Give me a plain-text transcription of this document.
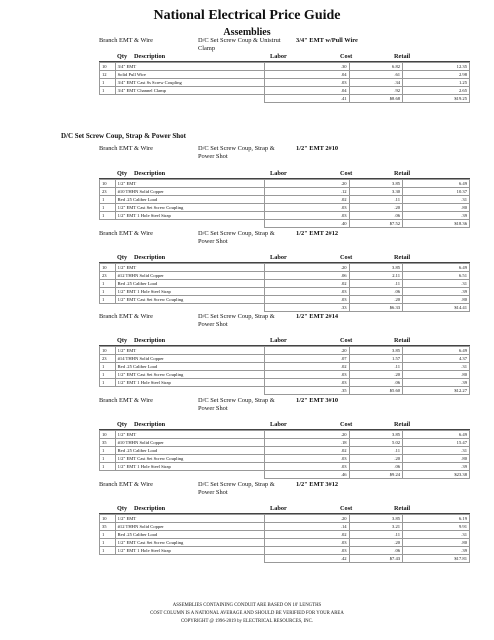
National Electrical Price Guide
Assemblies
D/C Set Screw Coup, Strap & Power Shot
Branch EMT & Wire	D/C Set Screw Coup & Unistrut Clamp
3/4" EMT w/Pull Wire
Qty Description	Labor	Cost	Retail
10	3/4" EMT	.30	6.82	12.35
12	Solid Pull Wire	.04	.61	2.98
1	3/4" EMT Cast Ss Screw Coupling	.03	.34	1.25
1	3/4" EMT Channel Clamp	.04	.92	2.65
		.41	$8.68	$19.25
Branch EMT & Wire	D/C Set Screw Coup, Strap & Power Shot
1/2" EMT 2#10
Qty Description	Labor	Cost	Retail
10	1/2" EMT	.20	3.85	6.49
23	#10 THHN Solid Copper	.12	3.30	10.37
1	Red .25 Caliber Load	.02	.11	.31
1	1/2" EMT Cast Set Screw Coupling	.03	.20	.80
1	1/2" EMT 1 Hole Steel Strap	.03	.06	.39
		.40	$7.52	$18.36
Branch EMT & Wire	D/C Set Screw Coup, Strap & Power Shot
1/2" EMT 2#12
Qty Description	Labor	Cost	Retail
10	1/2" EMT	.20	3.85	6.49
23	#12 THHN Solid Copper	.06	2.11	6.51
1	Red .25 Caliber Load	.02	.11	.31
1	1/2" EMT 1 Hole Steel Strap	.03	.06	.39
1	1/2" EMT Cast Set Screw Coupling	.03	.20	.80
		.33	$6.33	$14.41
Branch EMT & Wire	D/C Set Screw Coup, Strap & Power Shot
1/2" EMT 2#14
Qty Description	Labor	Cost	Retail
10	1/2" EMT	.20	3.85	6.49
23	#14 THHN Solid Copper	.07	1.57	4.37
1	Red .25 Caliber Load	.02	.11	.31
1	1/2" EMT Cast Set Screw Coupling	.03	.20	.80
1	1/2" EMT 1 Hole Steel Strap	.03	.06	.39
		.35	$5.60	$12.27
Branch EMT & Wire	D/C Set Screw Coup, Strap & Power Shot
1/2" EMT 3#10
Qty Description	Labor	Cost	Retail
10	1/2" EMT	.20	3.85	6.49
35	#10 THHN Solid Copper	.18	5.02	15.47
1	Red .25 Caliber Load	.02	.11	.31
1	1/2" EMT Cast Set Screw Coupling	.03	.20	.80
1	1/2" EMT 1 Hole Steel Strap	.03	.06	.39
		.46	$9.24	$23.38
Branch EMT & Wire	D/C Set Screw Coup, Strap & Power Shot
1/2" EMT 3#12
Qty Description	Labor	Cost	Retail
10	1/2" EMT	.20	3.85	6.19
35	#12 THHN Solid Copper	.14	3.21	9.91
1	Red .25 Caliber Load	.02	.11	.31
1	1/2" EMT Cast Set Screw Coupling	.03	.20	.80
1	1/2" EMT 1 Hole Steel Strap	.03	.06	.39
		.42	$7.43	$17.81
ASSEMBLIES CONTAINING CONDUIT ARE BASED ON 10' LENGTHS
COST COLUMN IS A NATIONAL AVERAGE AND SHOULD BE VERIFIED FOR YOUR AREA
COPYRIGHT @ 1996-2019 by ELECTRICAL RESOURCES, INC.
